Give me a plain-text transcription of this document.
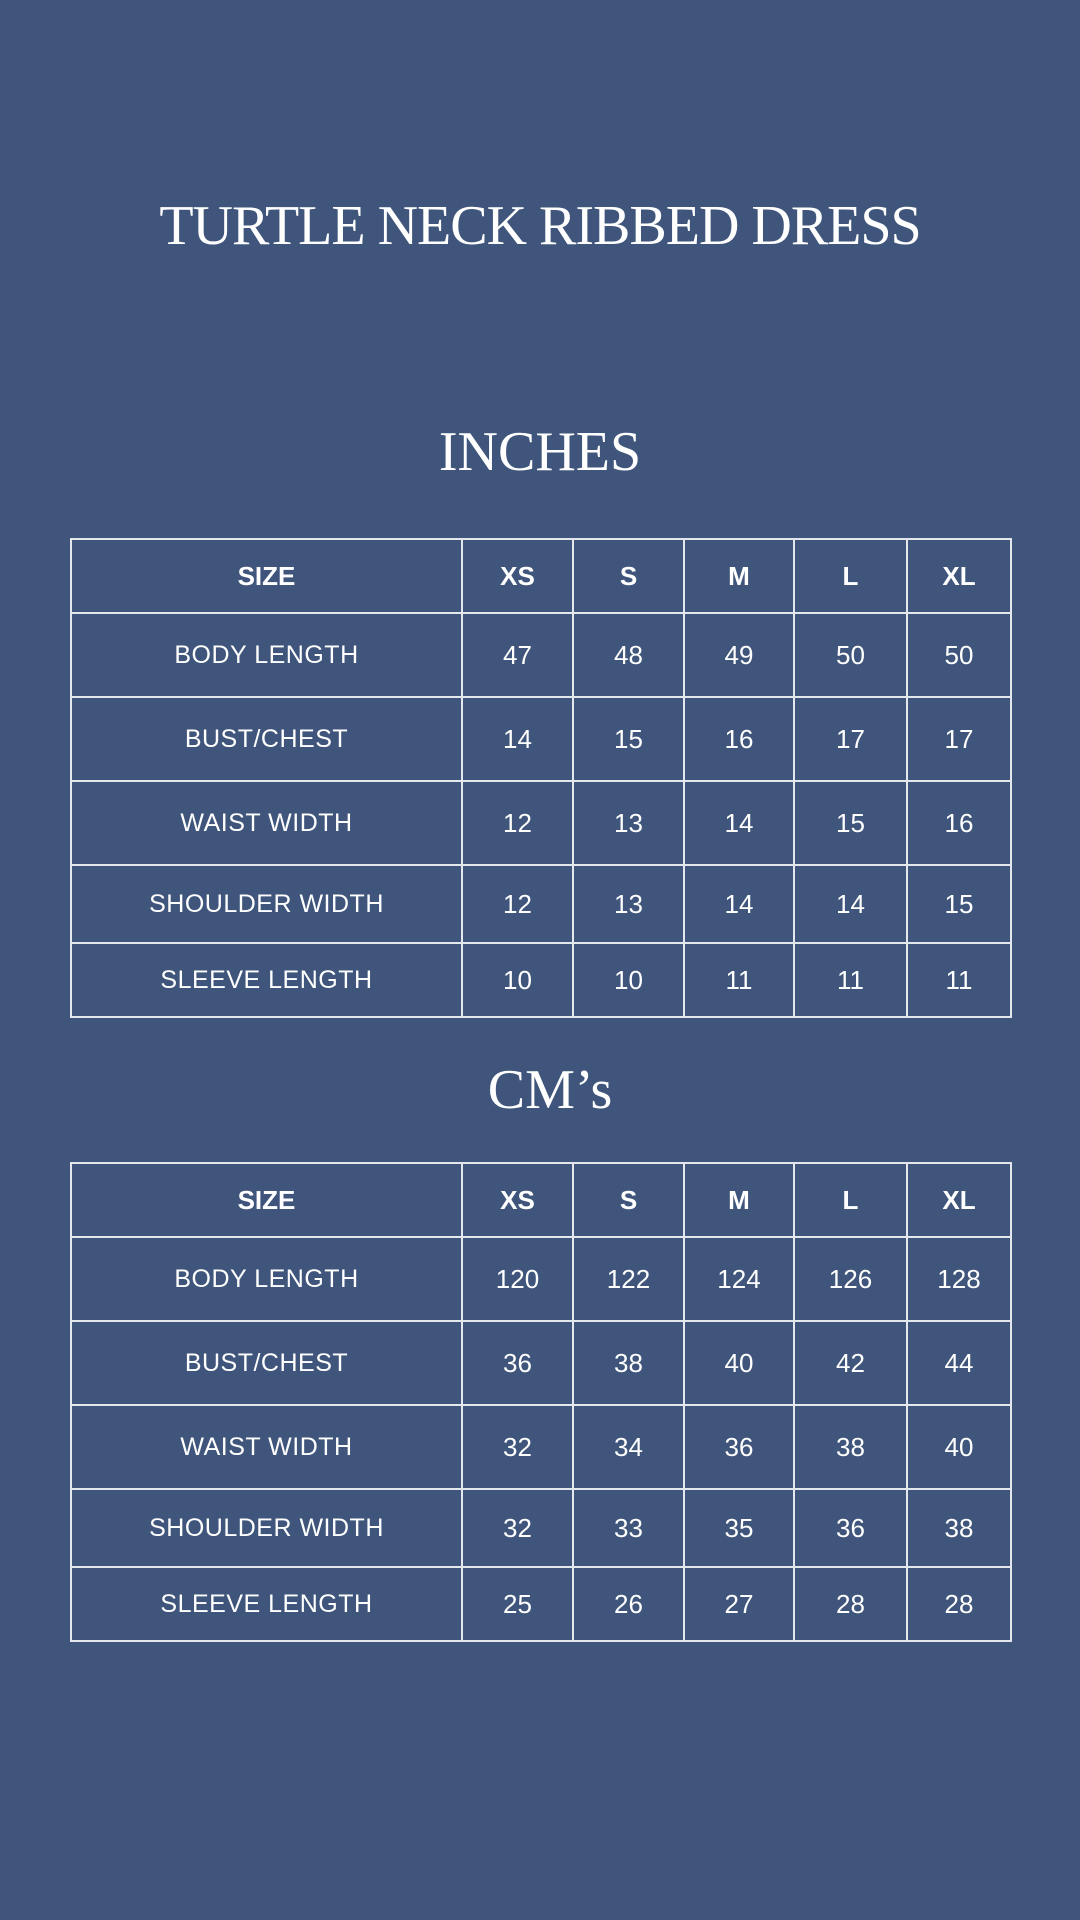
TURTLE NECK RIBBED DRESS
INCHES
SIZE	XS	S	M	L	XL
BODY LENGTH	47	48	49	50	50
BUST/CHEST	14	15	16	17	17
WAIST WIDTH	12	13	14	15	16
SHOULDER WIDTH	12	13	14	14	15
SLEEVE LENGTH	10	10	11	11	11
CM’s
SIZE	XS	S	M	L	XL
BODY LENGTH	120	122	124	126	128
BUST/CHEST	36	38	40	42	44
WAIST WIDTH	32	34	36	38	40
SHOULDER WIDTH	32	33	35	36	38
SLEEVE LENGTH	25	26	27	28	28
